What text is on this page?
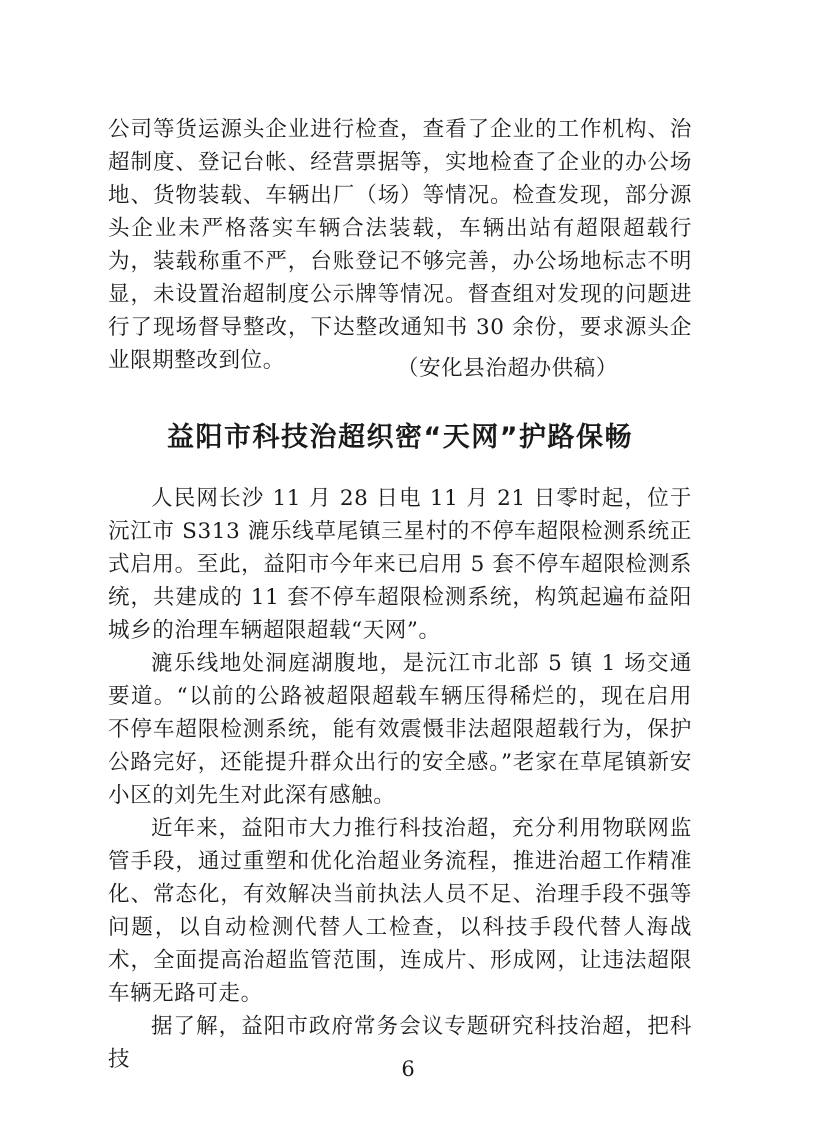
公司等货运源头企业进行检查，查看了企业的工作机构、治超制度、登记台帐、经营票据等，实地检查了企业的办公场地、货物装载、车辆出厂（场）等情况。检查发现，部分源头企业未严格落实车辆合法装载，车辆出站有超限超载行为，装载称重不严，台账登记不够完善，办公场地标志不明显，未设置治超制度公示牌等情况。督查组对发现的问题进行了现场督导整改，下达整改通知书 30 余份，要求源头企业限期整改到位。	（安化县治超办供稿）
益阳市科技治超织密“天网”护路保畅

人民网长沙 11 月 28 日电 11 月 21 日零时起，位于沅江市 S313 漉乐线草尾镇三星村的不停车超限检测系统正式启用。至此，益阳市今年来已启用 5 套不停车超限检测系统，共建成的 11 套不停车超限检测系统，构筑起遍布益阳城乡的治理车辆超限超载“天网”。

漉乐线地处洞庭湖腹地，是沅江市北部 5 镇 1 场交通要道。“以前的公路被超限超载车辆压得稀烂的，现在启用不停车超限检测系统，能有效震慑非法超限超载行为，保护公路完好，还能提升群众出行的安全感。”老家在草尾镇新安小区的刘先生对此深有感触。

近年来，益阳市大力推行科技治超，充分利用物联网监管手段，通过重塑和优化治超业务流程，推进治超工作精准化、常态化，有效解决当前执法人员不足、治理手段不强等问题，以自动检测代替人工检查，以科技手段代替人海战术，全面提高治超监管范围，连成片、形成网，让违法超限车辆无路可走。

据了解，益阳市政府常务会议专题研究科技治超，把科技	6
